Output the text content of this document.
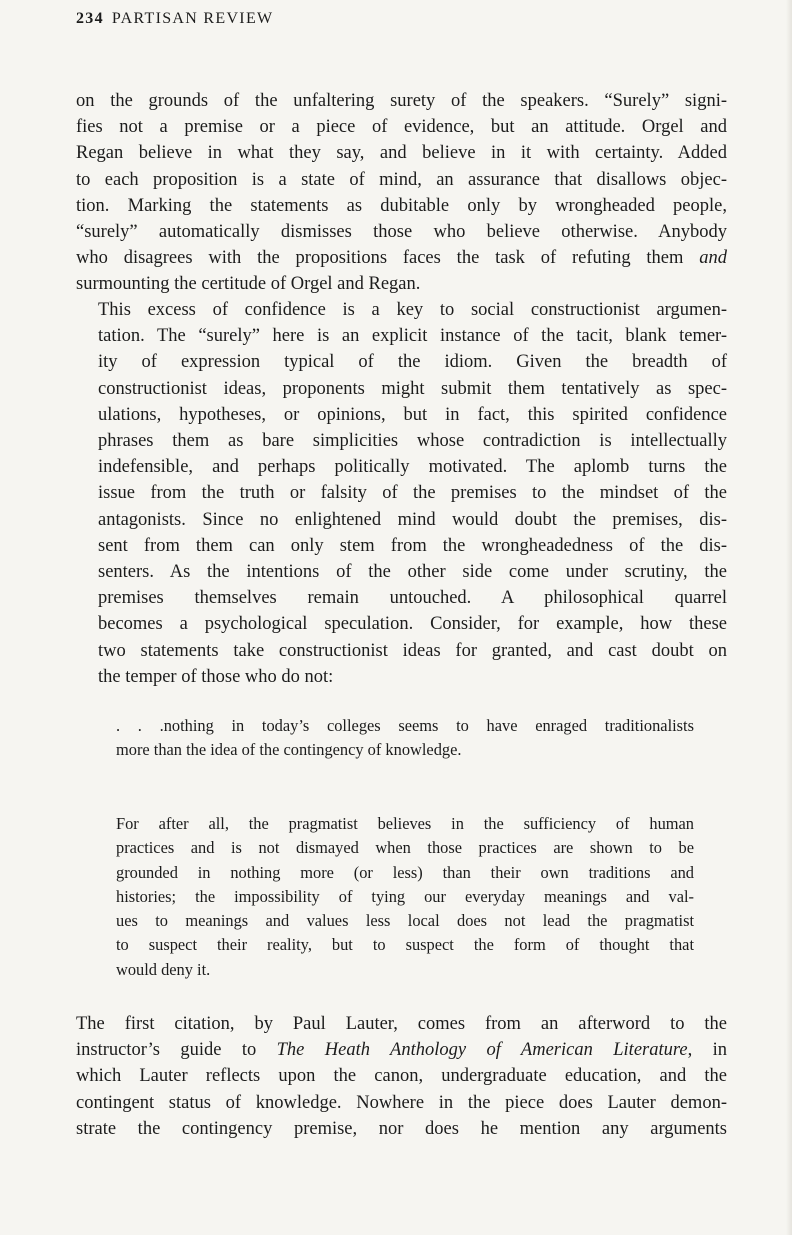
234 PARTISAN REVIEW

on the grounds of the unfaltering surety of the speakers. “Surely” signi-
fies not a premise or a piece of evidence, but an attitude. Orgel and
Regan believe in what they say, and believe in it with certainty. Added
to each proposition is a state of mind, an assurance that disallows objec-
tion. Marking the statements as dubitable only by wrongheaded people,
“surely” automatically dismisses those who believe otherwise. Anybody
who disagrees with the propositions faces the task of refuting them and
surmounting the certitude of Orgel and Regan.

This excess of confidence is a key to social constructionist argumen-
tation. The “surely” here is an explicit instance of the tacit, blank temer-
ity of expression typical of the idiom. Given the breadth of
constructionist ideas, proponents might submit them tentatively as spec-
ulations, hypotheses, or opinions, but in fact, this spirited confidence
phrases them as bare simplicities whose contradiction is intellectually
indefensible, and perhaps politically motivated. The aplomb turns the
issue from the truth or falsity of the premises to the mindset of the
antagonists. Since no enlightened mind would doubt the premises, dis-
sent from them can only stem from the wrongheadedness of the dis-
senters. As the intentions of the other side come under scrutiny, the
premises themselves remain untouched. A philosophical quarrel
becomes a psychological speculation. Consider, for example, how these
two statements take constructionist ideas for granted, and cast doubt on
the temper of those who do not:

. . .nothing in today’s colleges seems to have enraged traditionalists
more than the idea of the contingency of knowledge.
For after all, the pragmatist believes in the sufficiency of human
practices and is not dismayed when those practices are shown to be
grounded in nothing more (or less) than their own traditions and
histories; the impossibility of tying our everyday meanings and val-
ues to meanings and values less local does not lead the pragmatist
to suspect their reality, but to suspect the form of thought that
would deny it.

The first citation, by Paul Lauter, comes from an afterword to the
instructor’s guide to The Heath Anthology of American Literature, in
which Lauter reflects upon the canon, undergraduate education, and the
contingent status of knowledge. Nowhere in the piece does Lauter demon-
strate the contingency premise, nor does he mention any arguments
